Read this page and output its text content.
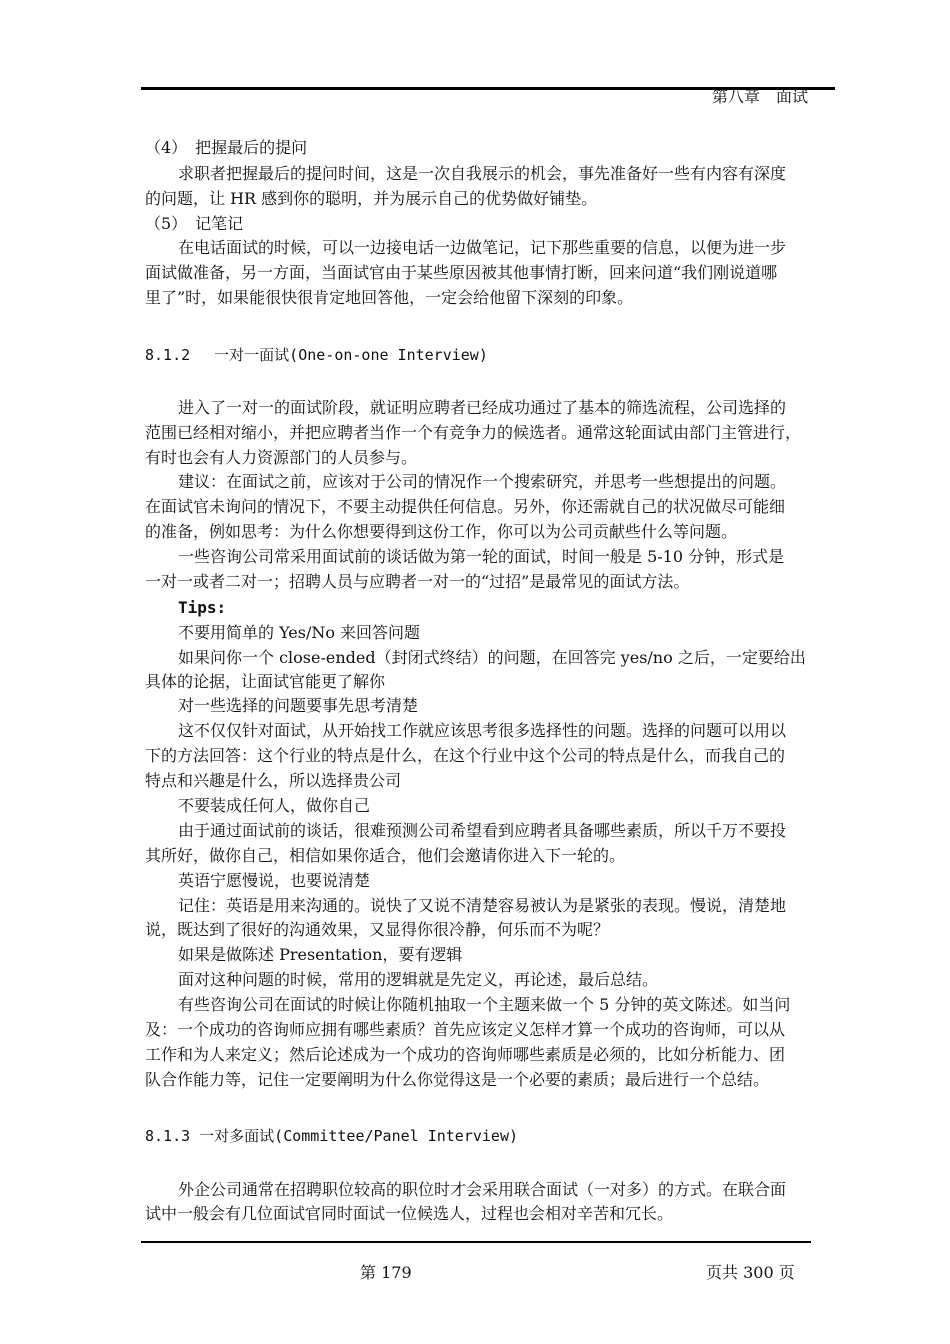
第八章　面试
（4）　把握最后的提问
求职者把握最后的提问时间，这是一次自我展示的机会，事先准备好一些有内容有深度
的问题，让 HR 感到你的聪明，并为展示自己的优势做好铺垫。
（5）　记笔记
在电话面试的时候，可以一边接电话一边做笔记，记下那些重要的信息，以便为进一步
面试做准备，另一方面，当面试官由于某些原因被其他事情打断，回来问道“我们刚说道哪
里了”时，如果能很快很肯定地回答他，一定会给他留下深刻的印象。
8.1.2　 一对一面试(One-on-one Interview)
进入了一对一的面试阶段，就证明应聘者已经成功通过了基本的筛选流程，公司选择的
范围已经相对缩小，并把应聘者当作一个有竞争力的候选者。通常这轮面试由部门主管进行，
有时也会有人力资源部门的人员参与。
建议：在面试之前，应该对于公司的情况作一个搜索研究，并思考一些想提出的问题。
在面试官未询问的情况下，不要主动提供任何信息。另外，你还需就自己的状况做尽可能细
的准备，例如思考：为什么你想要得到这份工作，你可以为公司贡献些什么等问题。
一些咨询公司常采用面试前的谈话做为第一轮的面试，时间一般是 5-10 分钟，形式是
一对一或者二对一；招聘人员与应聘者一对一的“过招”是最常见的面试方法。
Tips:
不要用简单的 Yes/No 来回答问题
如果问你一个 close-ended（封闭式终结）的问题，在回答完 yes/no 之后，一定要给出
具体的论据，让面试官能更了解你
对一些选择的问题要事先思考清楚
这不仅仅针对面试，从开始找工作就应该思考很多选择性的问题。选择的问题可以用以
下的方法回答：这个行业的特点是什么，在这个行业中这个公司的特点是什么，而我自己的
特点和兴趣是什么，所以选择贵公司
不要装成任何人，做你自己
由于通过面试前的谈话，很难预测公司希望看到应聘者具备哪些素质，所以千万不要投
其所好，做你自己，相信如果你适合，他们会邀请你进入下一轮的。
英语宁愿慢说，也要说清楚
记住：英语是用来沟通的。说快了又说不清楚容易被认为是紧张的表现。慢说，清楚地
说，既达到了很好的沟通效果，又显得你很冷静，何乐而不为呢？
如果是做陈述 Presentation，要有逻辑
面对这种问题的时候，常用的逻辑就是先定义，再论述，最后总结。
有些咨询公司在面试的时候让你随机抽取一个主题来做一个 5 分钟的英文陈述。如当问
及：一个成功的咨询师应拥有哪些素质？首先应该定义怎样才算一个成功的咨询师，可以从
工作和为人来定义；然后论述成为一个成功的咨询师哪些素质是必须的，比如分析能力、团
队合作能力等，记住一定要阐明为什么你觉得这是一个必要的素质；最后进行一个总结。
8.1.3 一对多面试(Committee/Panel Interview)
外企公司通常在招聘职位较高的职位时才会采用联合面试（一对多）的方式。在联合面
试中一般会有几位面试官同时面试一位候选人，过程也会相对辛苦和冗长。
第 179	页共 300 页
